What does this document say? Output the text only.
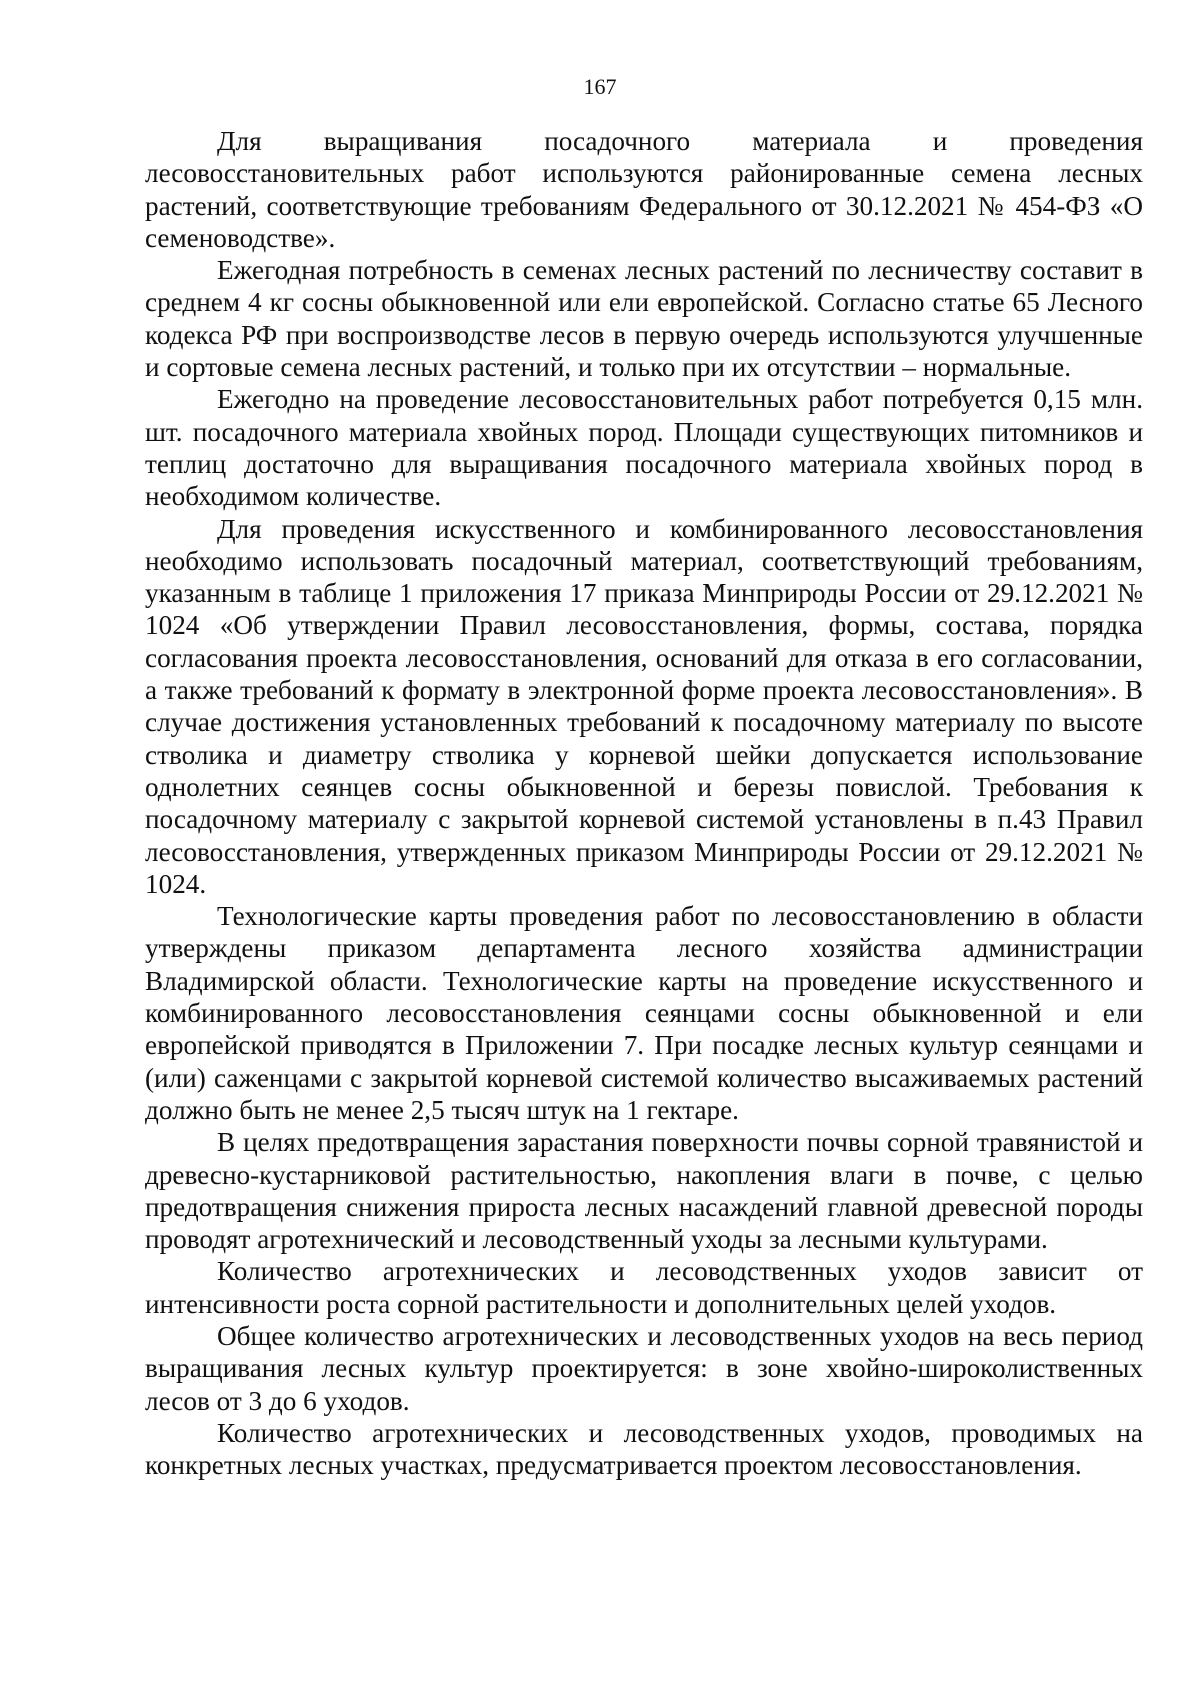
167

Для выращивания посадочного материала и проведения лесовосстановительных работ используются районированные семена лесных растений, соответствующие требованиям Федерального от 30.12.2021 № 454-ФЗ «О семеноводстве».

Ежегодная потребность в семенах лесных растений по лесничеству составит в среднем 4 кг сосны обыкновенной или ели европейской. Согласно статье 65 Лесного кодекса РФ при воспроизводстве лесов в первую очередь используются улучшенные и сортовые семена лесных растений, и только при их отсутствии – нормальные.

Ежегодно на проведение лесовосстановительных работ потребуется 0,15 млн. шт. посадочного материала хвойных пород. Площади существующих питомников и теплиц достаточно для выращивания посадочного материала хвойных пород в необходимом количестве.

Для проведения искусственного и комбинированного лесовосстановления необходимо использовать посадочный материал, соответствующий требованиям, указанным в таблице 1 приложения 17 приказа Минприроды России от 29.12.2021 № 1024 «Об утверждении Правил лесовосстановления, формы, состава, порядка согласования проекта лесовосстановления, оснований для отказа в его согласовании, а также требований к формату в электронной форме проекта лесовосстановления». В случае достижения установленных требований к посадочному материалу по высоте стволика и диаметру стволика у корневой шейки допускается использование однолетних сеянцев сосны обыкновенной и березы повислой. Требования к посадочному материалу с закрытой корневой системой установлены в п.43 Правил лесовосстановления, утвержденных приказом Минприроды России от 29.12.2021 № 1024.

Технологические карты проведения работ по лесовосстановлению в области утверждены приказом департамента лесного хозяйства администрации Владимирской области. Технологические карты на проведение искусственного и комбинированного лесовосстановления сеянцами сосны обыкновенной и ели европейской приводятся в Приложении 7. При посадке лесных культур сеянцами и (или) саженцами с закрытой корневой системой количество высаживаемых растений должно быть не менее 2,5 тысяч штук на 1 гектаре.

В целях предотвращения зарастания поверхности почвы сорной травянистой и древесно-кустарниковой растительностью, накопления влаги в почве, с целью предотвращения снижения прироста лесных насаждений главной древесной породы проводят агротехнический и лесоводственный уходы за лесными культурами.

Количество агротехнических и лесоводственных уходов зависит от интенсивности роста сорной растительности и дополнительных целей уходов.

Общее количество агротехнических и лесоводственных уходов на весь период выращивания лесных культур проектируется: в зоне хвойно-широколиственных лесов от 3 до 6 уходов.

Количество агротехнических и лесоводственных уходов, проводимых на конкретных лесных участках, предусматривается проектом лесовосстановления.
